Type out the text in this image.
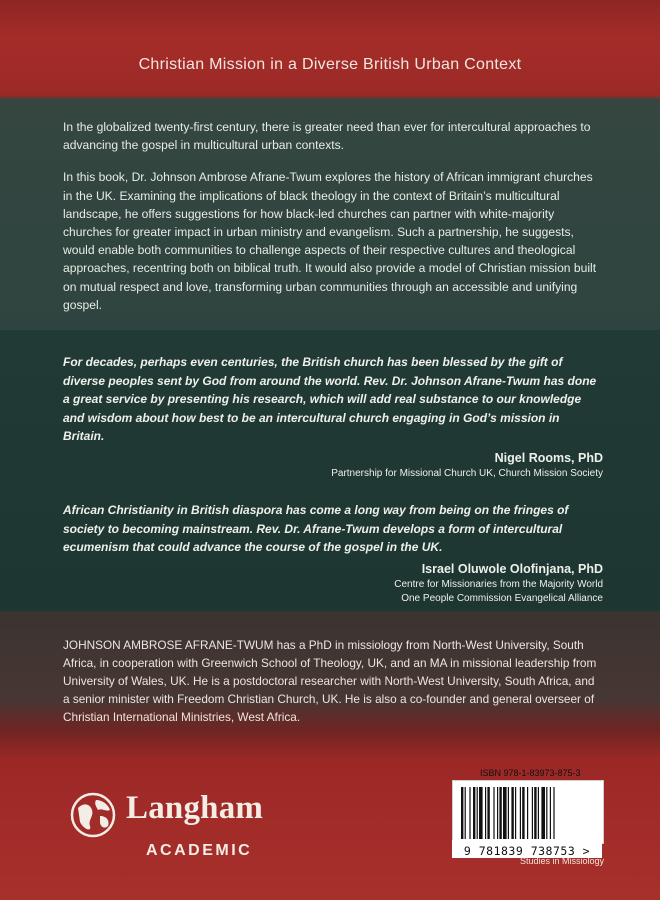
Christian Mission in a Diverse British Urban Context

In the globalized twenty-first century, there is greater need than ever for intercultural approaches to advancing the gospel in multicultural urban contexts.

In this book, Dr. Johnson Ambrose Afrane-Twum explores the history of African immigrant churches in the UK. Examining the implications of black theology in the context of Britain’s multicultural landscape, he offers suggestions for how black-led churches can partner with white-majority churches for greater impact in urban ministry and evangelism. Such a partnership, he suggests, would enable both communities to challenge aspects of their respective cultures and theological approaches, recentring both on biblical truth. It would also provide a model of Christian mission built on mutual respect and love, transforming urban communities through an accessible and unifying gospel.

For decades, perhaps even centuries, the British church has been blessed by the gift of diverse peoples sent by God from around the world. Rev. Dr. Johnson Afrane-Twum has done a great service by presenting his research, which will add real substance to our knowledge and wisdom about how best to be an intercultural church engaging in God’s mission in Britain.

Nigel Rooms, PhD
Partnership for Missional Church UK, Church Mission Society

African Christianity in British diaspora has come a long way from being on the fringes of society to becoming mainstream. Rev. Dr. Afrane-Twum develops a form of intercultural ecumenism that could advance the course of the gospel in the UK.

Israel Oluwole Olofinjana, PhD
Centre for Missionaries from the Majority World
One People Commission Evangelical Alliance

JOHNSON AMBROSE AFRANE-TWUM has a PhD in missiology from North-West University, South Africa, in cooperation with Greenwich School of Theology, UK, and an MA in missional leadership from University of Wales, UK. He is a postdoctoral researcher with North-West University, South Africa, and a senior minister with Freedom Christian Church, UK. He is also a co-founder and general overseer of Christian International Ministries, West Africa.

Langham
ACADEMIC
ISBN 978-1-83973-875-3
9 781839 738753 >
Studies in Missiology
